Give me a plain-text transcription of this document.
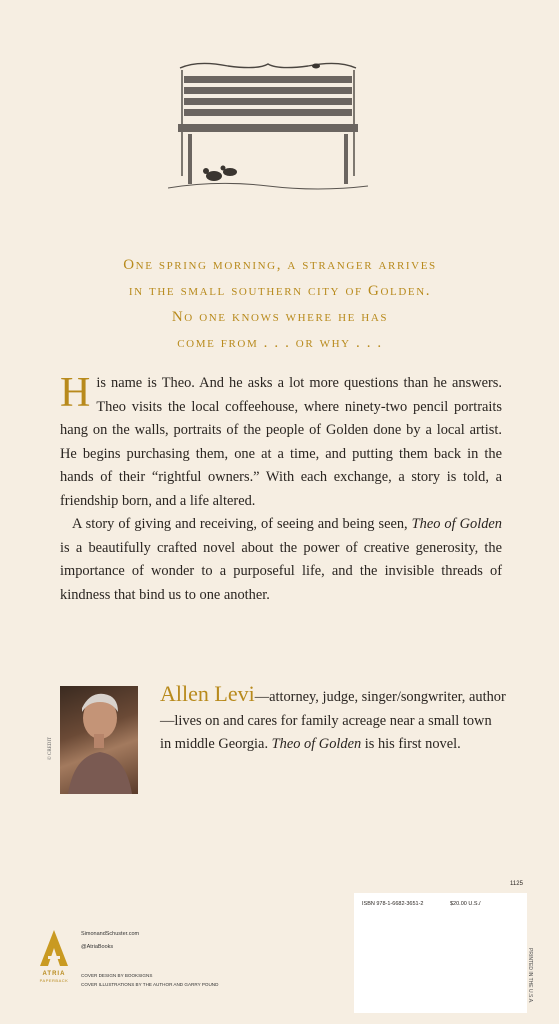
One spring morning, a stranger arrives
in the small southern city of Golden.
No one knows where he has
come from . . . or why . . .

His name is Theo. And he asks a lot more questions than he answers. Theo visits the local coffeehouse, where ninety-two pencil portraits hang on the walls, portraits of the people of Golden done by a local artist. He begins purchasing them, one at a time, and putting them back in the hands of their “rightful owners.” With each exchange, a story is told, a friendship born, and a life altered.

A story of giving and receiving, of seeing and being seen, Theo of Golden is a beautifully crafted novel about the power of creative generosity, the importance of wonder to a purposeful life, and the invisible threads of kindness that bind us to one another.

© CREDIT
Allen Levi—attorney, judge, singer/songwriter, author—lives on and cares for family acreage near a small town in middle Georgia. Theo of Golden is his first novel.
1125
ISBN 978-1-6682-3651-2	$20.00 U.S./
PRINTED IN THE U.S.A.
ATRIA
PAPERBACK
SimonandSchuster.com
@AtriaBooks
COVER DESIGN BY BOOKSIGNS
COVER ILLUSTRATIONS BY THE AUTHOR AND GARRY POUND
